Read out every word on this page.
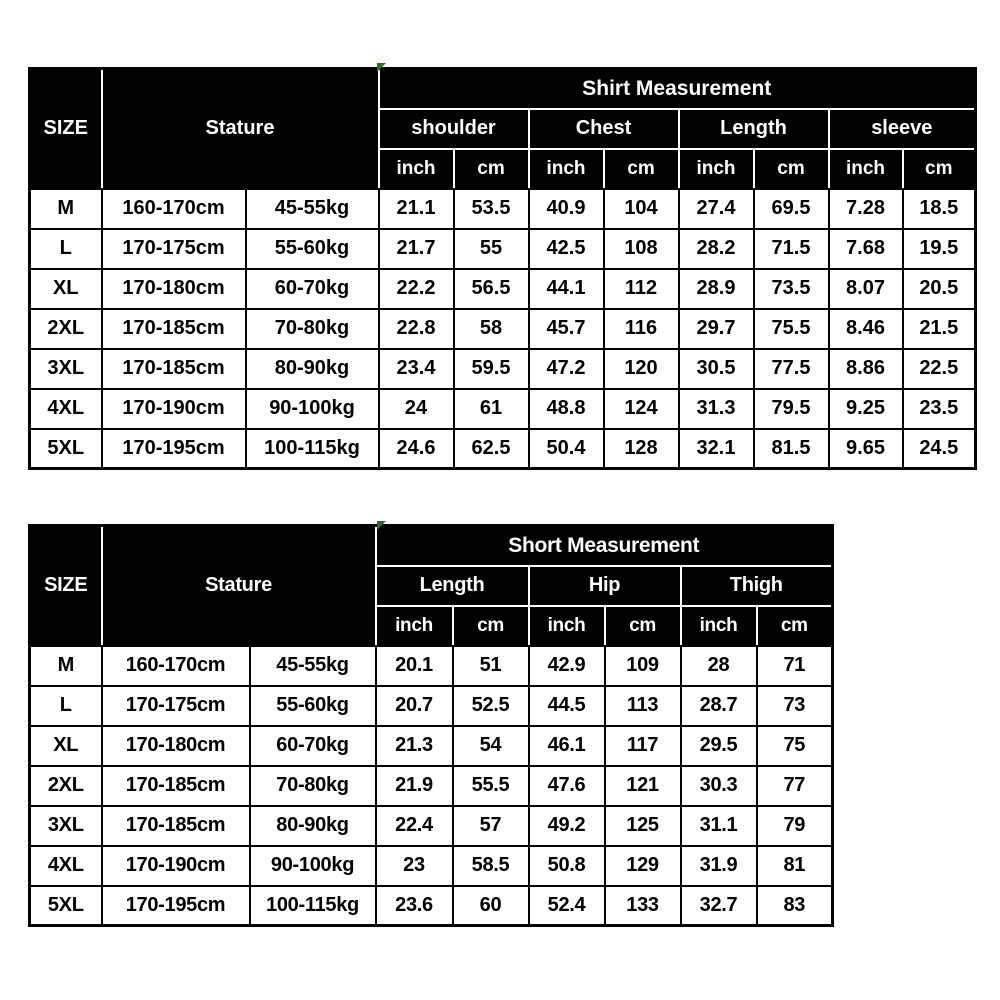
SIZE	Stature		Shirt Measurement							
			shoulder		Chest		Length		sleeve	
			inch	cm	inch	cm	inch	cm	inch	cm
M	160-170cm	45-55kg	21.1	53.5	40.9	104	27.4	69.5	7.28	18.5
L	170-175cm	55-60kg	21.7	55	42.5	108	28.2	71.5	7.68	19.5
XL	170-180cm	60-70kg	22.2	56.5	44.1	112	28.9	73.5	8.07	20.5
2XL	170-185cm	70-80kg	22.8	58	45.7	116	29.7	75.5	8.46	21.5
3XL	170-185cm	80-90kg	23.4	59.5	47.2	120	30.5	77.5	8.86	22.5
4XL	170-190cm	90-100kg	24	61	48.8	124	31.3	79.5	9.25	23.5
5XL	170-195cm	100-115kg	24.6	62.5	50.4	128	32.1	81.5	9.65	24.5
SIZE	Stature		Short Measurement					
			Length		Hip		Thigh	
			inch	cm	inch	cm	inch	cm
M	160-170cm	45-55kg	20.1	51	42.9	109	28	71
L	170-175cm	55-60kg	20.7	52.5	44.5	113	28.7	73
XL	170-180cm	60-70kg	21.3	54	46.1	117	29.5	75
2XL	170-185cm	70-80kg	21.9	55.5	47.6	121	30.3	77
3XL	170-185cm	80-90kg	22.4	57	49.2	125	31.1	79
4XL	170-190cm	90-100kg	23	58.5	50.8	129	31.9	81
5XL	170-195cm	100-115kg	23.6	60	52.4	133	32.7	83
